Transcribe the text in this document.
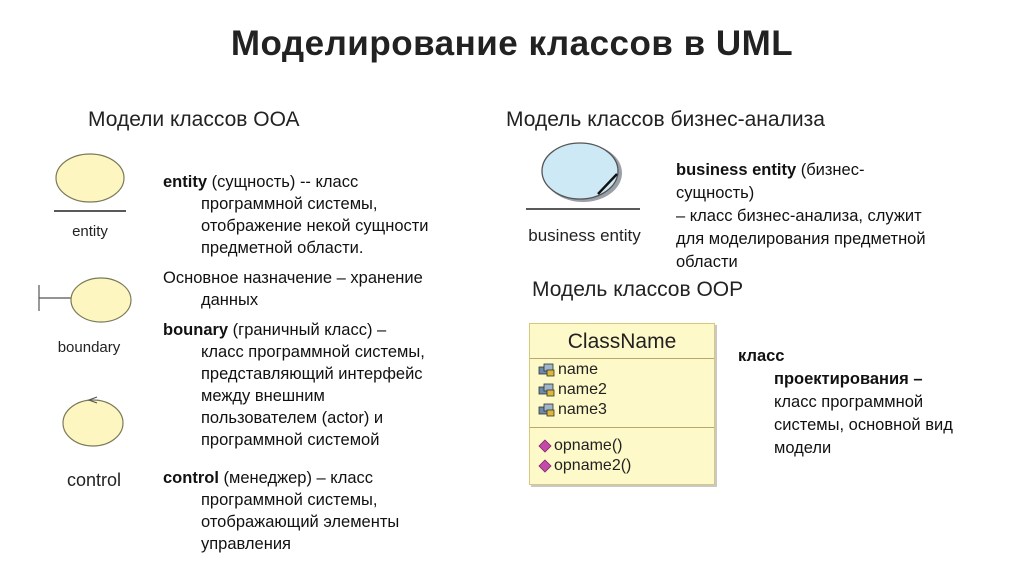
Моделирование классов в UML
Модели классов ООА	Модель классов бизнес-анализа
Модель классов ООР
entity
boundary
control
entity (сущность) -- класс
программной системы,
отображение некой сущности
предметной области.
Основное назначение – хранение
данных
bounary (граничный класс) –
класс программной системы,
представляющий интерфейс
между внешним
пользователем (actor) и
программной системой
control (менеджер) – класс
программной системы,
отображающий элементы
управления
business entity
business entity (бизнес-
сущность)
– класс бизнес-анализа, служит
для моделирования предметной
области
ClassName
name
name2
name3
opname()
opname2()
класс
проектирования –
класс программной
системы, основной вид
модели
